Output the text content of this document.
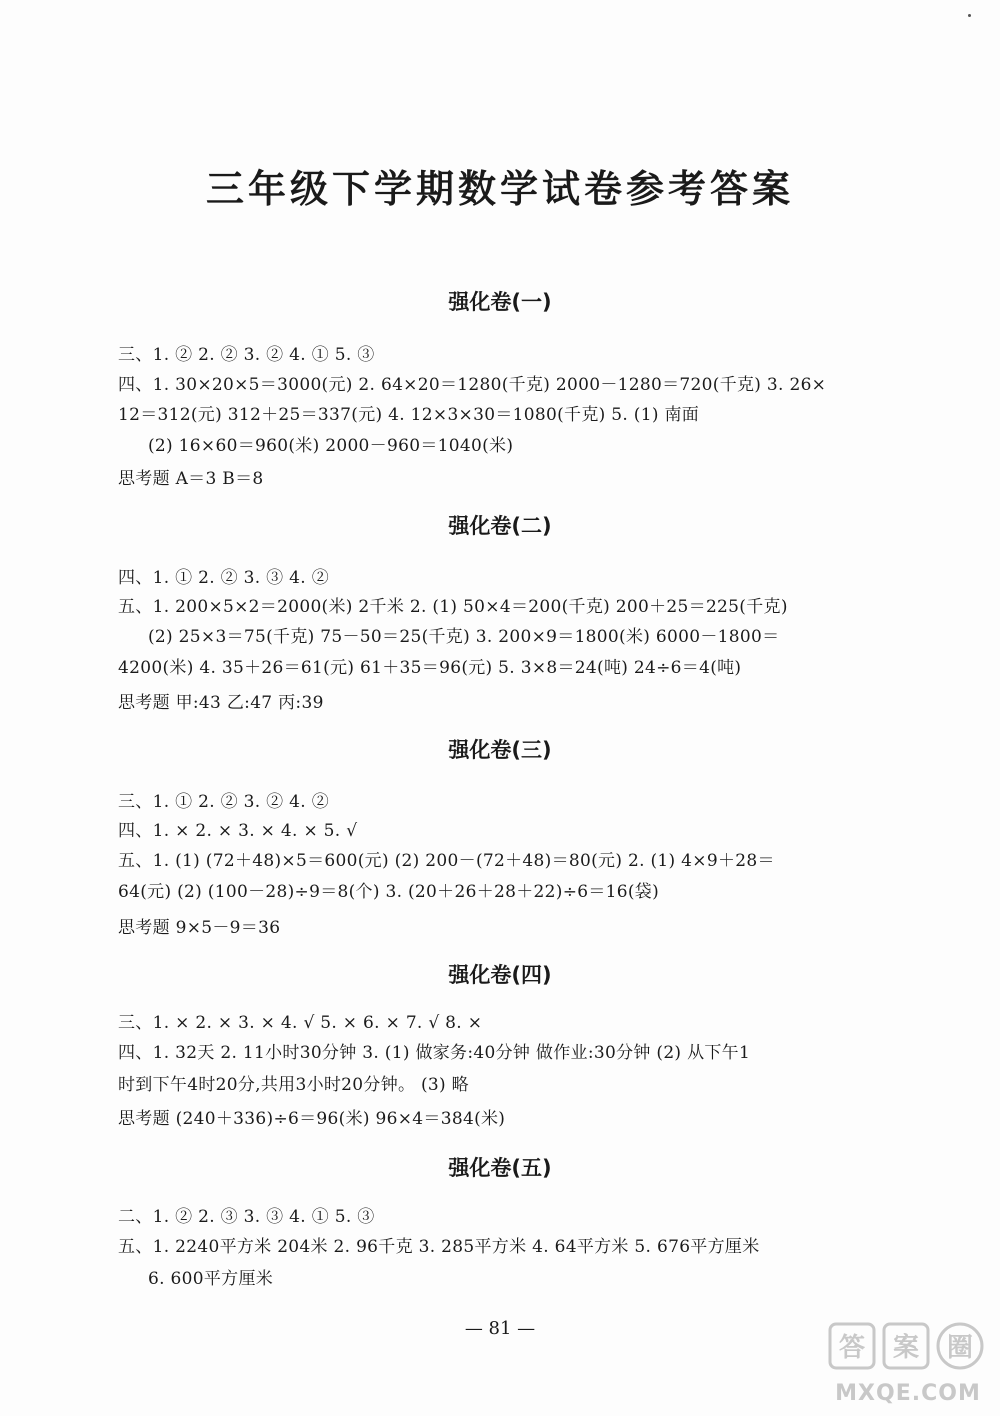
三年级下学期数学试卷参考答案
强化卷(一)
三、1. ② 2. ② 3. ② 4. ① 5. ③
四、1. 30×20×5＝3000(元) 2. 64×20＝1280(千克) 2000－1280＝720(千克) 3. 26×
12＝312(元) 312＋25＝337(元) 4. 12×3×30＝1080(千克) 5. (1) 南面
(2) 16×60＝960(米) 2000－960＝1040(米)
思考题 A＝3 B＝8
强化卷(二)
四、1. ① 2. ② 3. ③ 4. ②
五、1. 200×5×2＝2000(米) 2千米 2. (1) 50×4＝200(千克) 200＋25＝225(千克)
(2) 25×3＝75(千克) 75－50＝25(千克) 3. 200×9＝1800(米) 6000－1800＝
4200(米) 4. 35＋26＝61(元) 61＋35＝96(元) 5. 3×8＝24(吨) 24÷6＝4(吨)
思考题 甲:43 乙:47 丙:39
强化卷(三)
三、1. ① 2. ② 3. ② 4. ②
四、1. × 2. × 3. × 4. × 5. √
五、1. (1) (72＋48)×5＝600(元) (2) 200－(72＋48)＝80(元) 2. (1) 4×9＋28＝
64(元) (2) (100－28)÷9＝8(个) 3. (20＋26＋28＋22)÷6＝16(袋)
思考题 9×5－9＝36
强化卷(四)
三、1. × 2. × 3. × 4. √ 5. × 6. × 7. √ 8. ×
四、1. 32天 2. 11小时30分钟 3. (1) 做家务:40分钟 做作业:30分钟 (2) 从下午1
时到下午4时20分,共用3小时20分钟。 (3) 略
思考题 (240＋336)÷6＝96(米) 96×4＝384(米)
强化卷(五)
二、1. ② 2. ③ 3. ③ 4. ① 5. ③
五、1. 2240平方米 204米 2. 96千克 3. 285平方米 4. 64平方米 5. 676平方厘米
6. 600平方厘米
— 81 —
答 案 圈
MXQE.COM
